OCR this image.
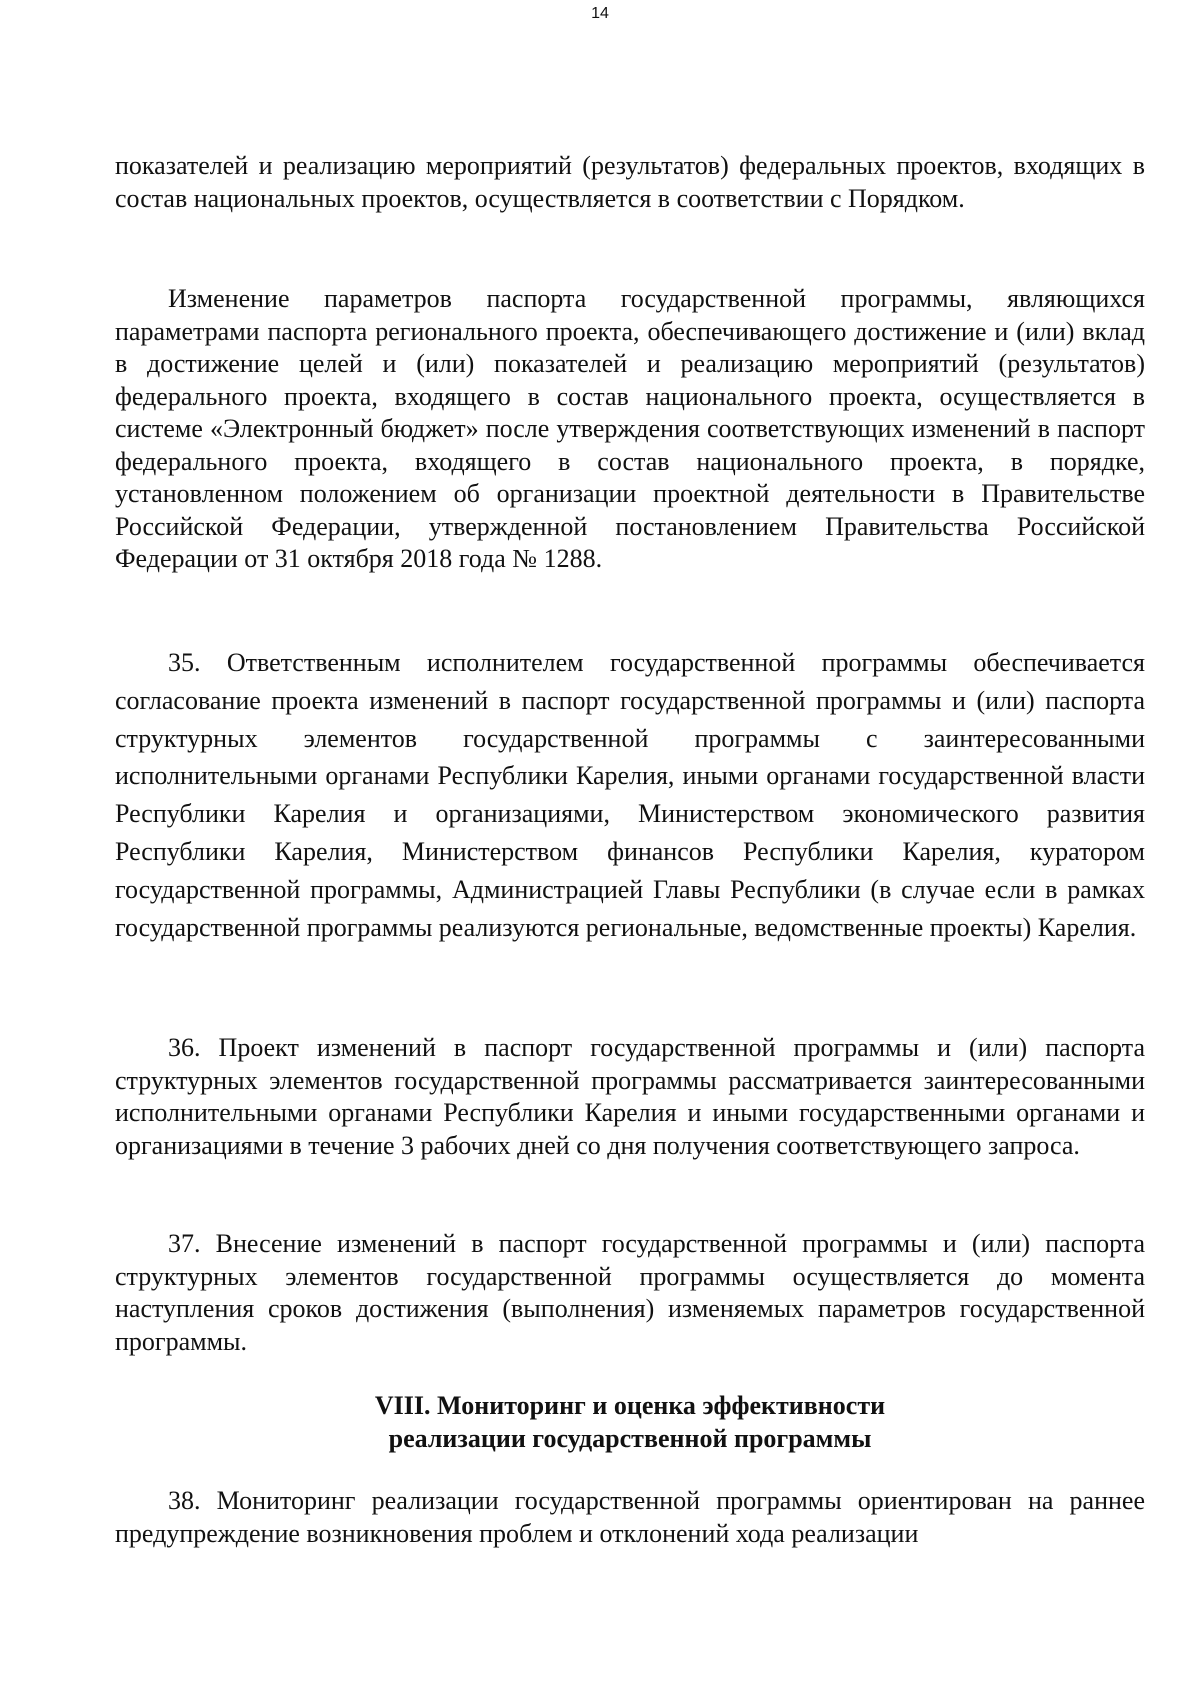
14

показателей и реализацию мероприятий (результатов) федеральных проектов, входящих в состав национальных проектов, осуществляется в соответствии с Порядком.

Изменение параметров паспорта государственной программы, являющихся параметрами паспорта регионального проекта, обеспечивающего достижение и (или) вклад в достижение целей и (или) показателей и реализацию мероприятий (результатов) федерального проекта, входящего в состав национального проекта, осуществляется в системе «Электронный бюджет» после утверждения соответствующих изменений в паспорт федерального проекта, входящего в состав национального проекта, в порядке, установленном положением об организации проектной деятельности в Правительстве Российской Федерации, утвержденной постановлением Правительства Российской Федерации от 31 октября 2018 года № 1288.

35. Ответственным исполнителем государственной программы обеспечивается согласование проекта изменений в паспорт государственной программы и (или) паспорта структурных элементов государственной программы с заинтересованными исполнительными органами Республики Карелия, иными органами государственной власти Республики Карелия и организациями, Министерством экономического развития Республики Карелия, Министерством финансов Республики Карелия, куратором государственной программы, Администрацией Главы Республики (в случае если в рамках государственной программы реализуются региональные, ведомственные проекты) Карелия.

36. Проект изменений в паспорт государственной программы и (или) паспорта структурных элементов государственной программы рассматривается заинтересованными исполнительными органами Республики Карелия и иными государственными органами и организациями в течение 3 рабочих дней со дня получения соответствующего запроса.

37. Внесение изменений в паспорт государственной программы и (или) паспорта структурных элементов государственной программы осуществляется до момента наступления сроков достижения (выполнения) изменяемых параметров государственной программы.

VIII. Мониторинг и оценка эффективности
реализации государственной программы

38. Мониторинг реализации государственной программы ориентирован на раннее предупреждение возникновения проблем и отклонений хода реализации
